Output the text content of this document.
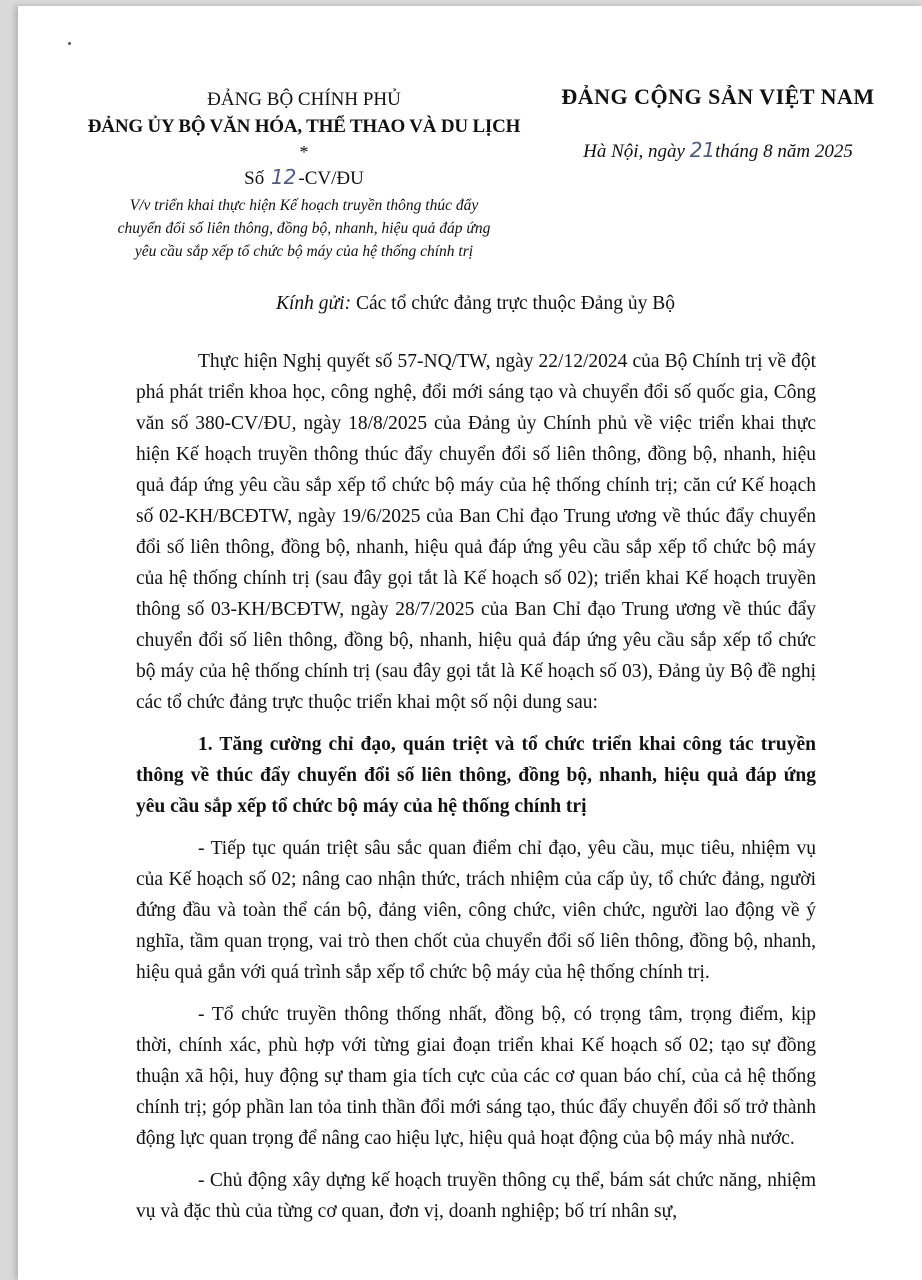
ĐẢNG BỘ CHÍNH PHỦ
ĐẢNG ỦY BỘ VĂN HÓA, THỂ THAO VÀ DU LỊCH
*
Số 12 -CV/ĐU
V/v triển khai thực hiện Kế hoạch truyền thông thúc đẩy
chuyển đổi số liên thông, đồng bộ, nhanh, hiệu quả đáp ứng
yêu cầu sắp xếp tổ chức bộ máy của hệ thống chính trị
ĐẢNG CỘNG SẢN VIỆT NAM
Hà Nội, ngày 21tháng 8 năm 2025
Kính gửi: Các tổ chức đảng trực thuộc Đảng ủy Bộ

Thực hiện Nghị quyết số 57-NQ/TW, ngày 22/12/2024 của Bộ Chính trị về đột phá phát triển khoa học, công nghệ, đổi mới sáng tạo và chuyển đổi số quốc gia, Công văn số 380-CV/ĐU, ngày 18/8/2025 của Đảng ủy Chính phủ về việc triển khai thực hiện Kế hoạch truyền thông thúc đẩy chuyển đổi số liên thông, đồng bộ, nhanh, hiệu quả đáp ứng yêu cầu sắp xếp tổ chức bộ máy của hệ thống chính trị; căn cứ Kế hoạch số 02-KH/BCĐTW, ngày 19/6/2025 của Ban Chỉ đạo Trung ương về thúc đẩy chuyển đổi số liên thông, đồng bộ, nhanh, hiệu quả đáp ứng yêu cầu sắp xếp tổ chức bộ máy của hệ thống chính trị (sau đây gọi tắt là Kế hoạch số 02); triển khai Kế hoạch truyền thông số 03-KH/BCĐTW, ngày 28/7/2025 của Ban Chỉ đạo Trung ương về thúc đẩy chuyển đổi số liên thông, đồng bộ, nhanh, hiệu quả đáp ứng yêu cầu sắp xếp tổ chức bộ máy của hệ thống chính trị (sau đây gọi tắt là Kế hoạch số 03), Đảng ủy Bộ đề nghị các tổ chức đảng trực thuộc triển khai một số nội dung sau:

1. Tăng cường chỉ đạo, quán triệt và tổ chức triển khai công tác truyền thông về thúc đẩy chuyển đổi số liên thông, đồng bộ, nhanh, hiệu quả đáp ứng yêu cầu sắp xếp tổ chức bộ máy của hệ thống chính trị

- Tiếp tục quán triệt sâu sắc quan điểm chỉ đạo, yêu cầu, mục tiêu, nhiệm vụ của Kế hoạch số 02; nâng cao nhận thức, trách nhiệm của cấp ủy, tổ chức đảng, người đứng đầu và toàn thể cán bộ, đảng viên, công chức, viên chức, người lao động về ý nghĩa, tầm quan trọng, vai trò then chốt của chuyển đổi số liên thông, đồng bộ, nhanh, hiệu quả gắn với quá trình sắp xếp tổ chức bộ máy của hệ thống chính trị.

- Tổ chức truyền thông thống nhất, đồng bộ, có trọng tâm, trọng điểm, kịp thời, chính xác, phù hợp với từng giai đoạn triển khai Kế hoạch số 02; tạo sự đồng thuận xã hội, huy động sự tham gia tích cực của các cơ quan báo chí, của cả hệ thống chính trị; góp phần lan tỏa tinh thần đổi mới sáng tạo, thúc đẩy chuyển đổi số trở thành động lực quan trọng để nâng cao hiệu lực, hiệu quả hoạt động của bộ máy nhà nước.

- Chủ động xây dựng kế hoạch truyền thông cụ thể, bám sát chức năng, nhiệm vụ và đặc thù của từng cơ quan, đơn vị, doanh nghiệp; bố trí nhân sự,
